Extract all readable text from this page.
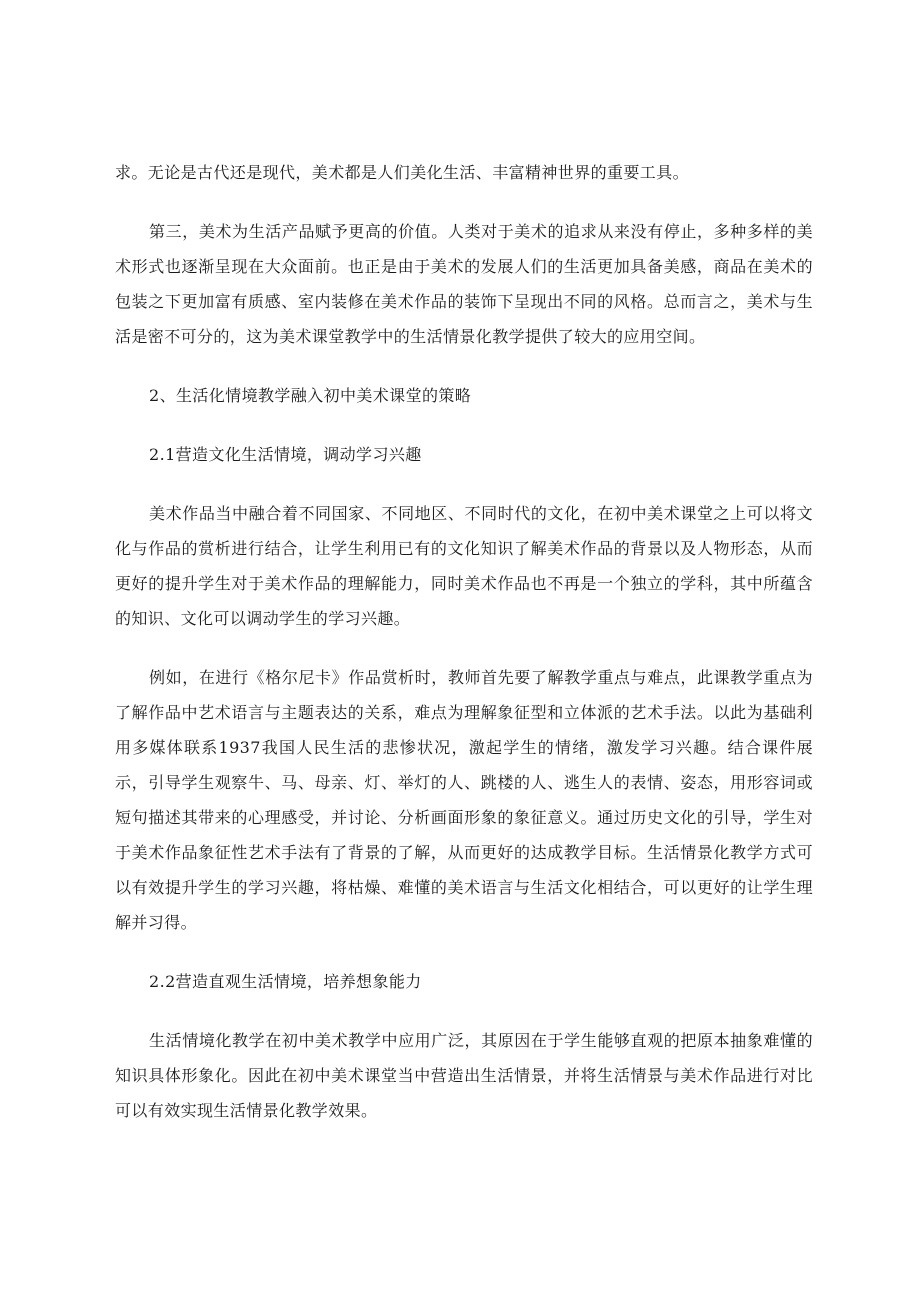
求。无论是古代还是现代，美术都是人们美化生活、丰富精神世界的重要工具。

第三，美术为生活产品赋予更高的价值。人类对于美术的追求从来没有停止，多种多样的美术形式也逐渐呈现在大众面前。也正是由于美术的发展人们的生活更加具备美感，商品在美术的包装之下更加富有质感、室内装修在美术作品的装饰下呈现出不同的风格。总而言之，美术与生活是密不可分的，这为美术课堂教学中的生活情景化教学提供了较大的应用空间。

2、生活化情境教学融入初中美术课堂的策略

2.1营造文化生活情境，调动学习兴趣

美术作品当中融合着不同国家、不同地区、不同时代的文化，在初中美术课堂之上可以将文化与作品的赏析进行结合，让学生利用已有的文化知识了解美术作品的背景以及人物形态，从而更好的提升学生对于美术作品的理解能力，同时美术作品也不再是一个独立的学科，其中所蕴含的知识、文化可以调动学生的学习兴趣。

例如，在进行《格尔尼卡》作品赏析时，教师首先要了解教学重点与难点，此课教学重点为了解作品中艺术语言与主题表达的关系，难点为理解象征型和立体派的艺术手法。以此为基础利用多媒体联系1937我国人民生活的悲惨状况，激起学生的情绪，激发学习兴趣。结合课件展示，引导学生观察牛、马、母亲、灯、举灯的人、跳楼的人、逃生人的表情、姿态，用形容词或短句描述其带来的心理感受，并讨论、分析画面形象的象征意义。通过历史文化的引导，学生对于美术作品象征性艺术手法有了背景的了解，从而更好的达成教学目标。生活情景化教学方式可以有效提升学生的学习兴趣，将枯燥、难懂的美术语言与生活文化相结合，可以更好的让学生理解并习得。

2.2营造直观生活情境，培养想象能力

生活情境化教学在初中美术教学中应用广泛，其原因在于学生能够直观的把原本抽象难懂的知识具体形象化。因此在初中美术课堂当中营造出生活情景，并将生活情景与美术作品进行对比可以有效实现生活情景化教学效果。
